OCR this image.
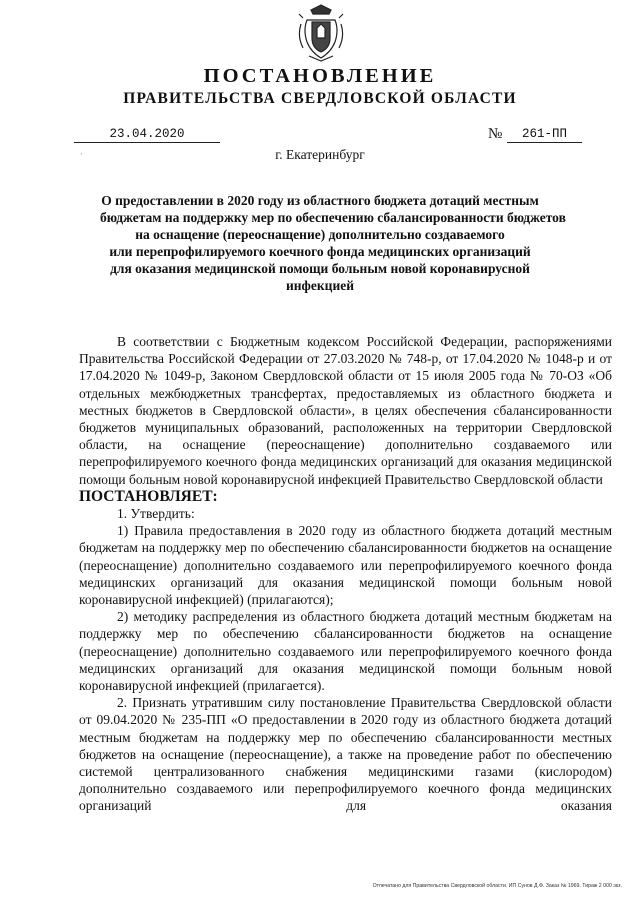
ПОСТАНОВЛЕНИЕ
ПРАВИТЕЛЬСТВА СВЕРДЛОВСКОЙ ОБЛАСТИ
23.04.2020	№	261-ПП
·	г. Екатеринбург
О предоставлении в 2020 году из областного бюджета дотаций местным
бюджетам на поддержку мер по обеспечению сбалансированности бюджетов
на оснащение (переоснащение) дополнительно создаваемого
или перепрофилируемого коечного фонда медицинских организаций
для оказания медицинской помощи больным новой коронавирусной
инфекцией

В соответствии с Бюджетным кодексом Российской Федерации, распоряжениями Правительства Российской Федерации от 27.03.2020 № 748-р, от 17.04.2020 № 1048-р и от 17.04.2020 № 1049-р, Законом Свердловской области от 15 июля 2005 года № 70-ОЗ «Об отдельных межбюджетных трансфертах, предоставляемых из областного бюджета и местных бюджетов в Свердловской области», в целях обеспечения сбалансированности бюджетов муниципальных образований, расположенных на территории Свердловской области, на оснащение (переоснащение) дополнительно создаваемого или перепрофилируемого коечного фонда медицинских организаций для оказания медицинской помощи больным новой коронавирусной инфекцией Правительство Свердловской области

ПОСТАНОВЛЯЕТ:

1. Утвердить:

1) Правила предоставления в 2020 году из областного бюджета дотаций местным бюджетам на поддержку мер по обеспечению сбалансированности бюджетов на оснащение (переоснащение) дополнительно создаваемого или перепрофилируемого коечного фонда медицинских организаций для оказания медицинской помощи больным новой коронавирусной инфекцией) (прилагаются);

2) методику распределения из областного бюджета дотаций местным бюджетам на поддержку мер по обеспечению сбалансированности бюджетов на оснащение (переоснащение) дополнительно создаваемого или перепрофилируемого коечного фонда медицинских организаций для оказания медицинской помощи больным новой коронавирусной инфекцией (прилагается).

2. Признать утратившим силу постановление Правительства Свердловской области от 09.04.2020 № 235-ПП «О предоставлении в 2020 году из областного бюджета дотаций местным бюджетам на поддержку мер по обеспечению сбалансированности местных бюджетов на оснащение (переоснащение), а также на проведение работ по обеспечению системой централизованного снабжения медицинскими газами (кислородом) дополнительно создаваемого или перепрофилируемого коечного фонда медицинских организаций для оказания

Отпечатано для Правительства Свердловской области. ИП Сунов Д.Ф. Заказ № 1969. Тираж 2 000 экз.
